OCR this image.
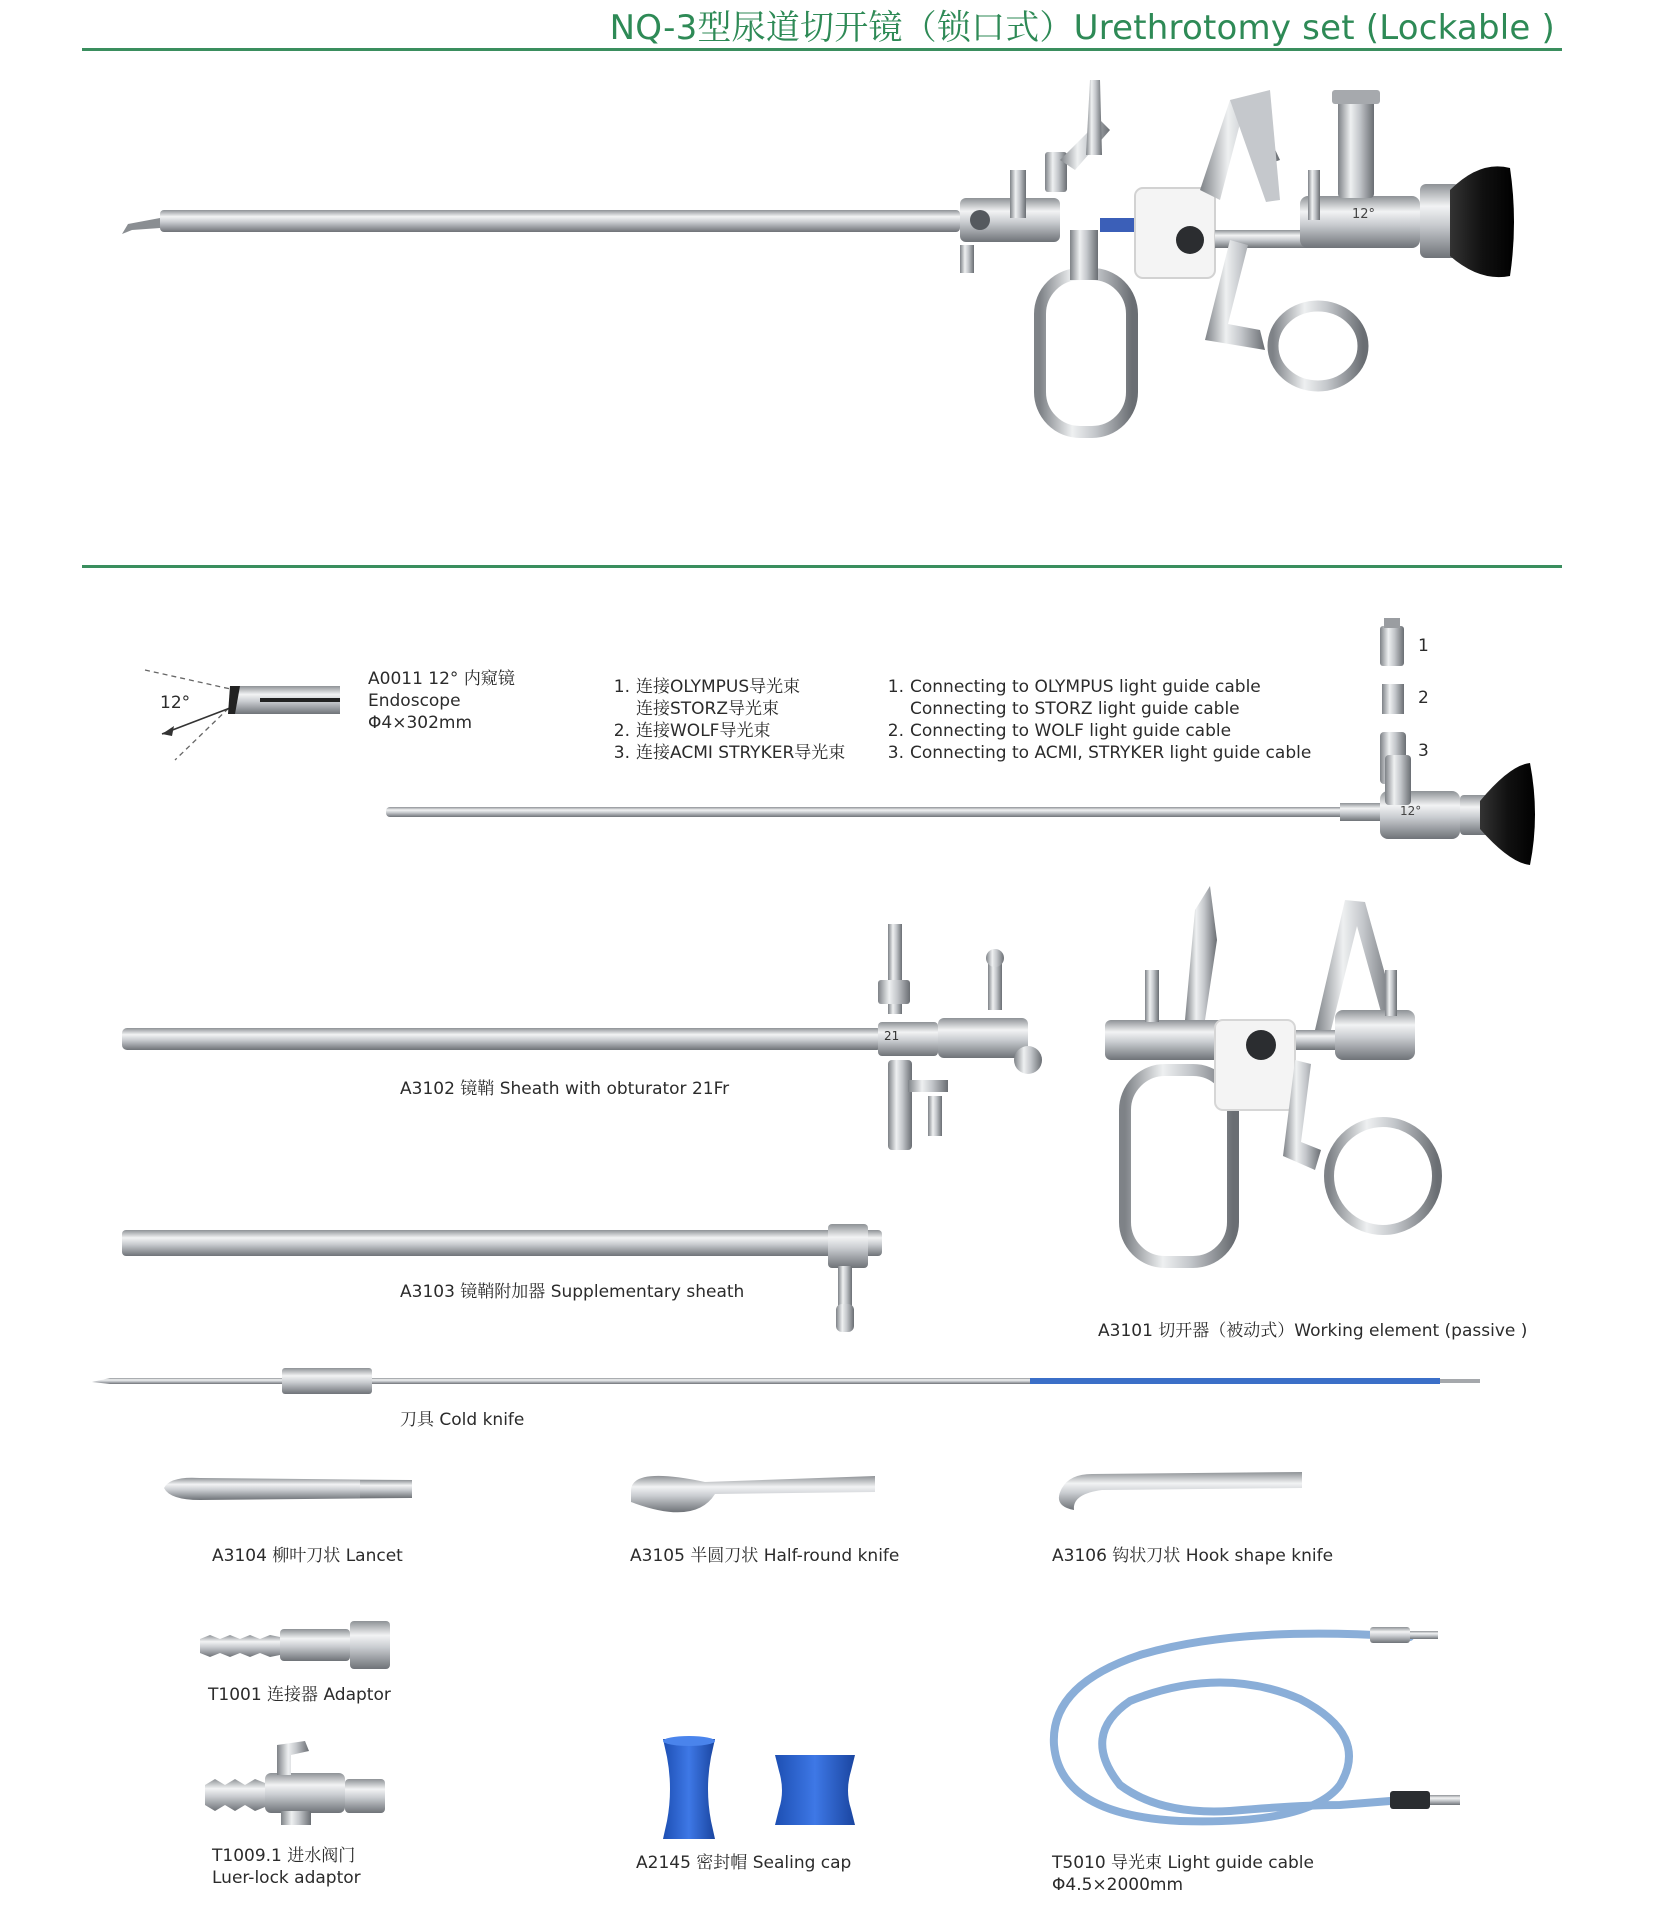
NQ-3型尿道切开镜（锁口式）Urethrotomy set (Lockable )
12°
12°
A0011 12° 内窥镜
Endoscope
Φ4×302mm
1. 连接OLYMPUS导光束
连接STORZ导光束
2. 连接WOLF导光束
3. 连接ACMI STRYKER导光束
1. Connecting to OLYMPUS light guide cable
Connecting to STORZ light guide cable
2. Connecting to WOLF light guide cable
3. Connecting to ACMI, STRYKER light guide cable
1
2
3
12°
21
A3102 镜鞘 Sheath with obturator 21Fr
A3101 切开器（被动式）Working element (passive )
A3103 镜鞘附加器 Supplementary sheath
刀具 Cold knife
A3104 柳叶刀状 Lancet	A3105 半圆刀状 Half-round knife	A3106 钩状刀状 Hook shape knife
T1001 连接器 Adaptor
T1009.1 进水阀门
Luer-lock adaptor
A2145 密封帽 Sealing cap	T5010 导光束 Light guide cable
Φ4.5×2000mm
